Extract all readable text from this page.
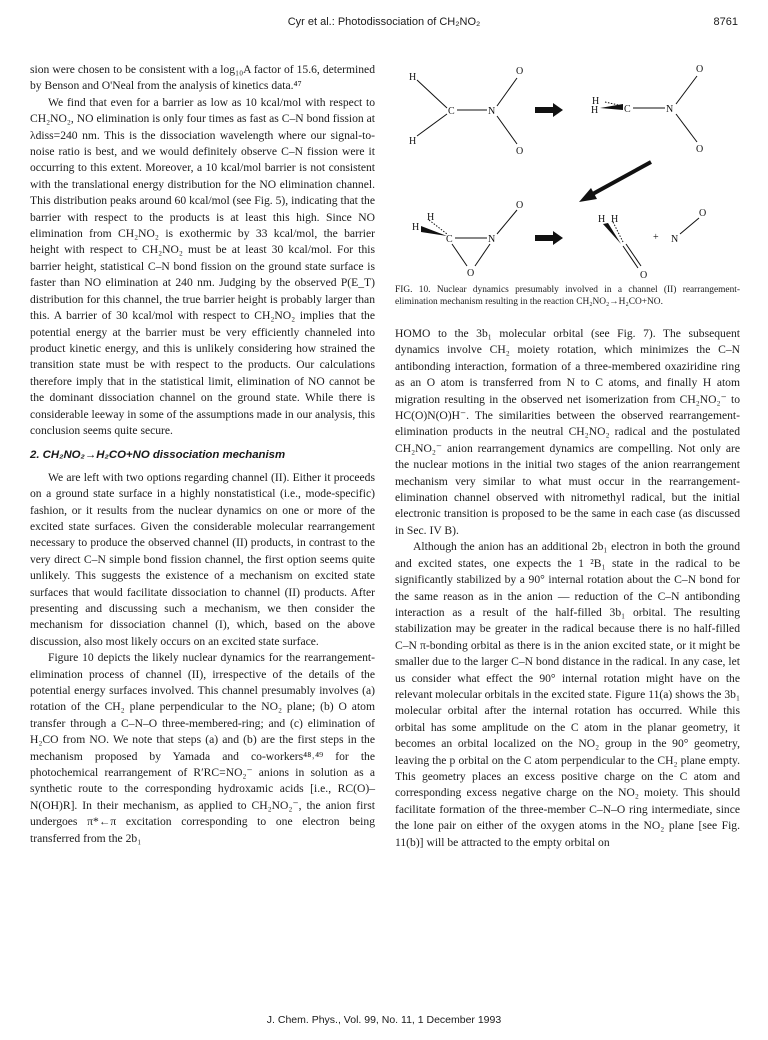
Cyr et al.: Photodissociation of CH₂NO₂	8761

sion were chosen to be consistent with a log₁₀A factor of 15.6, determined by Benson and O'Neal from the analysis of kinetics data.⁴⁷

We find that even for a barrier as low as 10 kcal/mol with respect to CH₂NO₂, NO elimination is only four times as fast as C–N bond fission at λdiss=240 nm. This is the dissociation wavelength where our signal-to-noise ratio is best, and we would definitely observe C–N fission were it occurring to this extent. Moreover, a 10 kcal/mol barrier is not consistent with the translational energy distribution for the NO elimination channel. This distribution peaks around 60 kcal/mol (see Fig. 5), indicating that the barrier with respect to the products is at least this high. Since NO elimination from CH₂NO₂ is exothermic by 33 kcal/mol, the barrier height with respect to CH₂NO₂ must be at least 30 kcal/mol. For this barrier height, statistical C–N bond fission on the ground state surface is faster than NO elimination at 240 nm. Judging by the observed P(E_T) distribution for this channel, the true barrier height is probably larger than this. A barrier of 30 kcal/mol with respect to CH₂NO₂ implies that the potential energy at the barrier must be very efficiently channeled into product kinetic energy, and this is unlikely considering how strained the transition state must be with respect to the products. Our calculations therefore imply that in the statistical limit, elimination of NO cannot be the dominant dissociation channel on the ground state. While there is considerable leeway in some of the assumptions made in our analysis, this conclusion seems quite secure.

2. CH₂NO₂→H₂CO+NO dissociation mechanism

We are left with two options regarding channel (II). Either it proceeds on a ground state surface in a highly nonstatistical (i.e., mode-specific) fashion, or it results from the nuclear dynamics on one or more of the excited state surfaces. Given the considerable molecular rearrangement necessary to produce the observed channel (II) products, in contrast to the very direct C–N simple bond fission channel, the first option seems quite unlikely. This suggests the existence of a mechanism on excited state surfaces that would facilitate dissociation to channel (II) products. After presenting and discussing such a mechanism, we then consider the mechanism for dissociation channel (I), which, based on the above discussion, also most likely occurs on an excited state surface.

Figure 10 depicts the likely nuclear dynamics for the rearrangement-elimination process of channel (II), irrespective of the details of the potential energy surfaces involved. This channel presumably involves (a) rotation of the CH₂ plane perpendicular to the NO₂ plane; (b) O atom transfer through a C–N–O three-membered-ring; and (c) elimination of H₂CO from NO. We note that steps (a) and (b) are the first steps in the mechanism proposed by Yamada and co-workers⁴⁸˒⁴⁹ for the photochemical rearrangement of R′RC=NO₂⁻ anions in solution as a synthetic route to the corresponding hydroxamic acids [i.e., RC(O)–N(OH)R]. In their mechanism, as applied to CH₂NO₂⁻, the anion first undergoes π*←π excitation corresponding to one electron being transferred from the 2b₁

H
H
C	N
O
O
H
H	C	N
O
O
H
H
C	N
O
O
H H
O
+ N
O
FIG. 10. Nuclear dynamics presumably involved in a channel (II) rearrangement-elimination mechanism resulting in the reaction CH₂NO₂→H₂CO+NO.

HOMO to the 3b₁ molecular orbital (see Fig. 7). The subsequent dynamics involve CH₂ moiety rotation, which minimizes the C–N antibonding interaction, formation of a three-membered oxaziridine ring as an O atom is transferred from N to C atoms, and finally H atom migration resulting in the observed net isomerization from CH₂NO₂⁻ to HC(O)N(O)H⁻. The similarities between the observed rearrangement-elimination products in the neutral CH₂NO₂ radical and the postulated CH₂NO₂⁻ anion rearrangement dynamics are compelling. Not only are the nuclear motions in the initial two stages of the anion rearrangement mechanism very similar to what must occur in the rearrangement-elimination channel observed with nitromethyl radical, but the initial electronic transition is proposed to be the same in each case (as discussed in Sec. IV B).

Although the anion has an additional 2b₁ electron in both the ground and excited states, one expects the 1 ²B₁ state in the radical to be significantly stabilized by a 90° internal rotation about the C–N bond for the same reason as in the anion — reduction of the C–N antibonding interaction as a result of the half-filled 3b₁ orbital. The resulting stabilization may be greater in the radical because there is no half-filled C–N π-bonding orbital as there is in the anion excited state, or it might be smaller due to the larger C–N bond distance in the radical. In any case, let us consider what effect the 90° internal rotation might have on the relevant molecular orbitals in the excited state. Figure 11(a) shows the 3b₁ molecular orbital after the internal rotation has occurred. While this orbital has some amplitude on the C atom in the planar geometry, it becomes an orbital localized on the NO₂ group in the 90° geometry, leaving the p orbital on the C atom perpendicular to the CH₂ plane empty. This geometry places an excess positive charge on the C atom and corresponding excess negative charge on the NO₂ moiety. This should facilitate formation of the three-member C–N–O ring intermediate, since the lone pair on either of the oxygen atoms in the NO₂ plane [see Fig. 11(b)] will be attracted to the empty orbital on

J. Chem. Phys., Vol. 99, No. 11, 1 December 1993
